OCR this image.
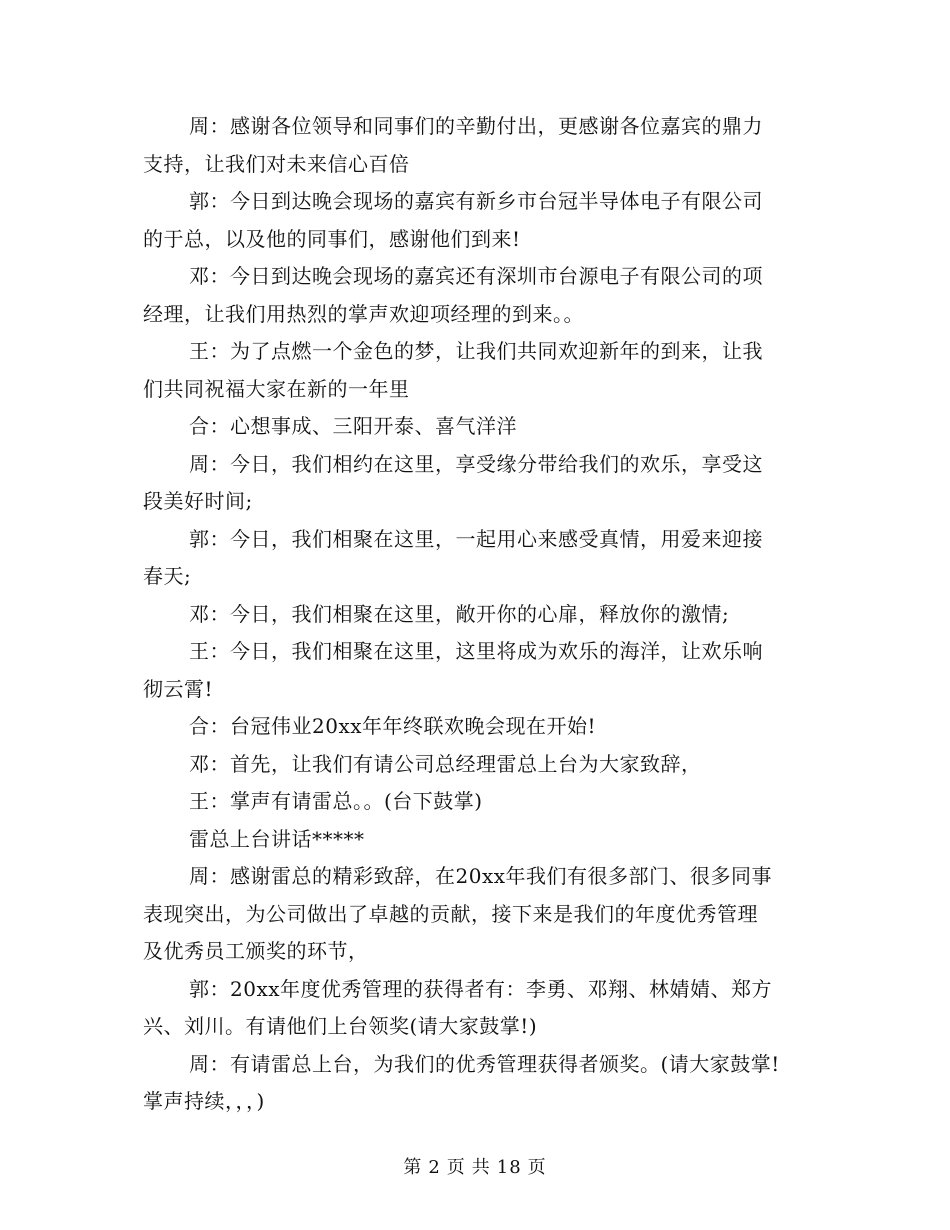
周：感谢各位领导和同事们的辛勤付出，更感谢各位嘉宾的鼎力
支持，让我们对未来信心百倍
郭：今日到达晚会现场的嘉宾有新乡市台冠半导体电子有限公司
的于总，以及他的同事们，感谢他们到来!
邓：今日到达晚会现场的嘉宾还有深圳市台源电子有限公司的项
经理，让我们用热烈的掌声欢迎项经理的到来。。
王：为了点燃一个金色的梦，让我们共同欢迎新年的到来，让我
们共同祝福大家在新的一年里
合：心想事成、三阳开泰、喜气洋洋
周：今日，我们相约在这里，享受缘分带给我们的欢乐，享受这
段美好时间;
郭：今日，我们相聚在这里，一起用心来感受真情，用爱来迎接
春天;
邓：今日，我们相聚在这里，敞开你的心扉，释放你的激情;
王：今日，我们相聚在这里，这里将成为欢乐的海洋，让欢乐响
彻云霄!
合：台冠伟业20xx年年终联欢晚会现在开始!
邓：首先，让我们有请公司总经理雷总上台为大家致辞，
王：掌声有请雷总。。(台下鼓掌)
雷总上台讲话*****
周：感谢雷总的精彩致辞，在20xx年我们有很多部门、很多同事
表现突出，为公司做出了卓越的贡献，接下来是我们的年度优秀管理
及优秀员工颁奖的环节，
郭：20xx年度优秀管理的获得者有：李勇、邓翔、林婧婧、郑方
兴、刘川。有请他们上台领奖(请大家鼓掌!)
周：有请雷总上台，为我们的优秀管理获得者颁奖。(请大家鼓掌!
掌声持续，，，)
第 2 页 共 18 页
